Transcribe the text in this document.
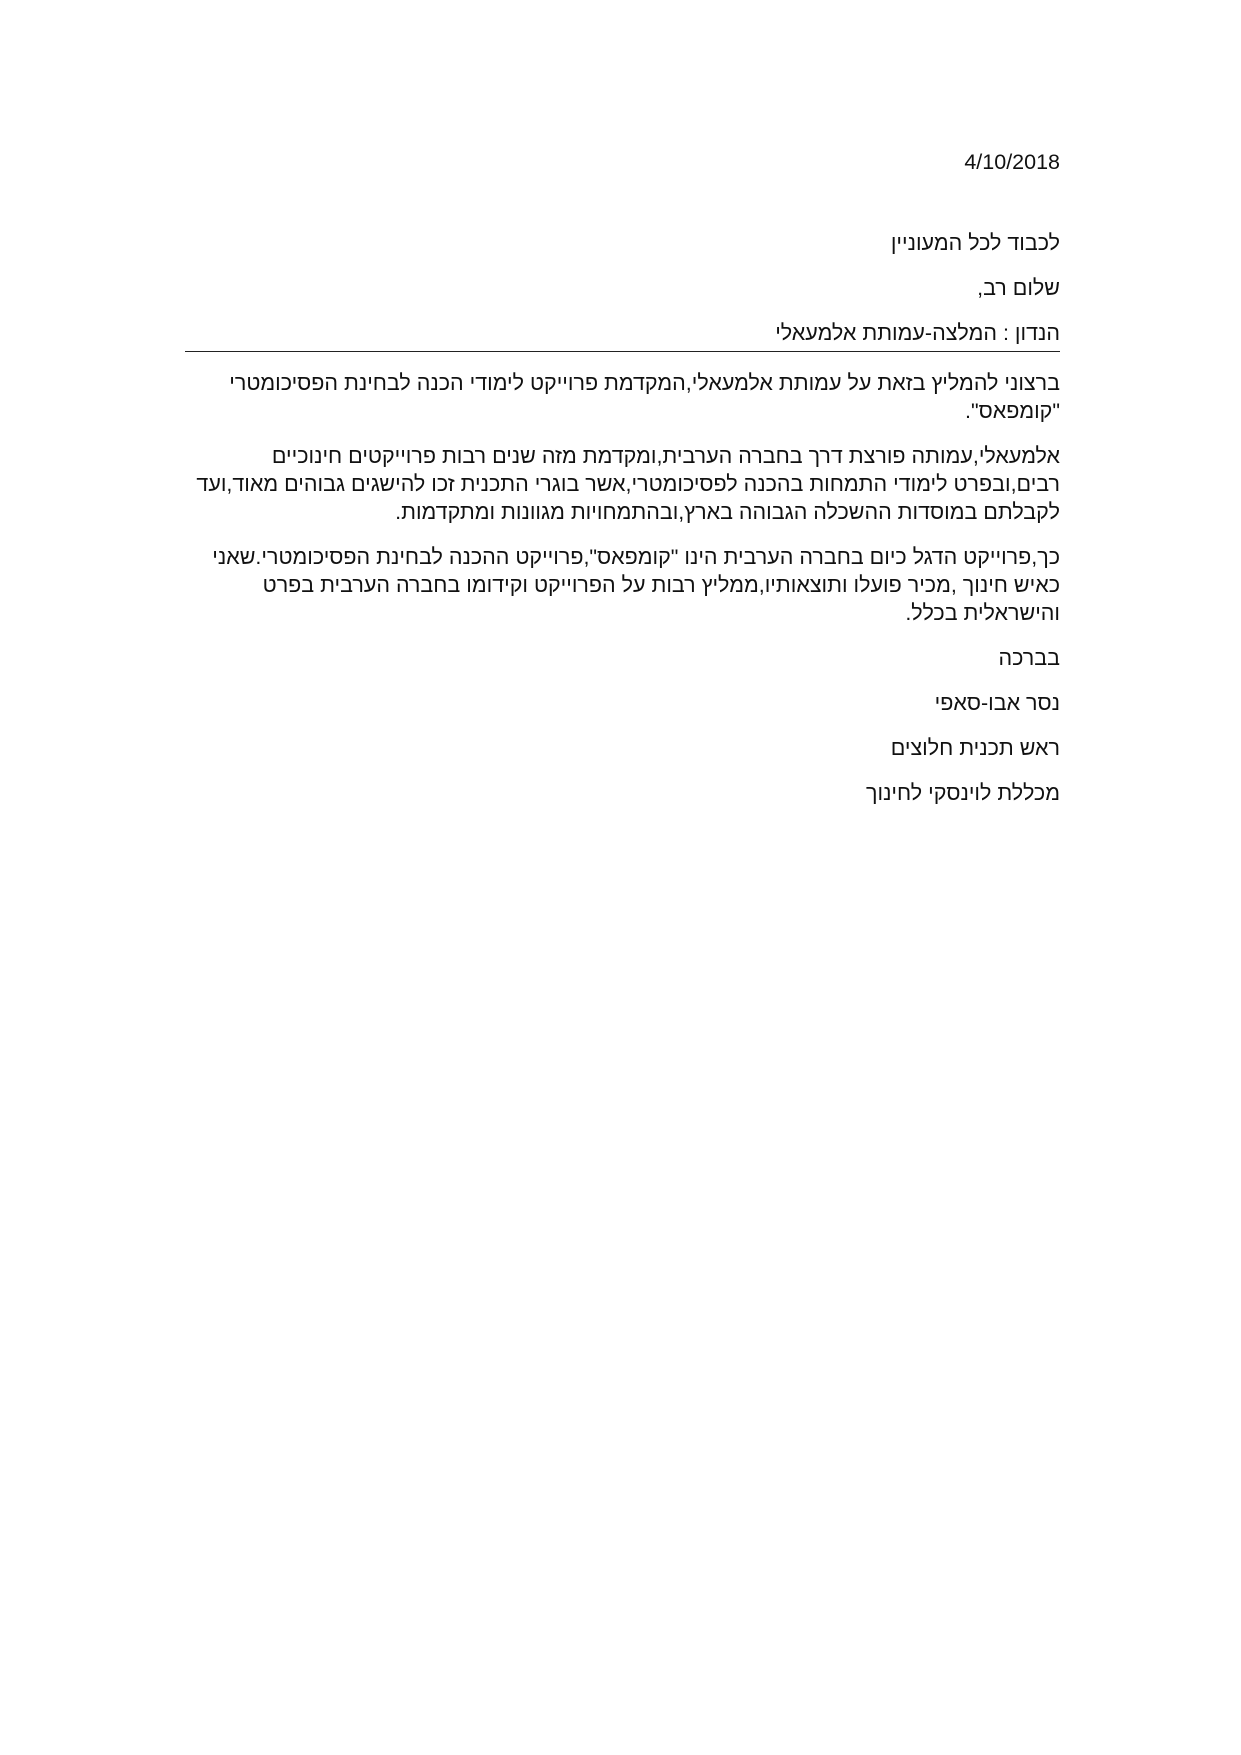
4/10/2018
לכבוד לכל המעוניין
שלום רב,
הנדון : המלצה-עמותת אלמעאלי
ברצוני להמליץ בזאת על עמותת אלמעאלי,המקדמת פרוייקט לימודי הכנה לבחינת הפסיכומטרי
"קומפאס".
אלמעאלי,עמותה פורצת דרך בחברה הערבית,ומקדמת מזה שנים רבות פרוייקטים חינוכיים
רבים,ובפרט לימודי התמחות בהכנה לפסיכומטרי,אשר בוגרי התכנית זכו להישגים גבוהים מאוד,ועד
לקבלתם במוסדות ההשכלה הגבוהה בארץ,ובהתמחויות מגוונות ומתקדמות.
כך,פרוייקט הדגל כיום בחברה הערבית הינו "קומפאס",פרוייקט ההכנה לבחינת הפסיכומטרי.שאני
כאיש חינוך ,מכיר פועלו ותוצאותיו,ממליץ רבות על הפרוייקט וקידומו בחברה הערבית בפרט
והישראלית בכלל.
בברכה
נסר אבו-סאפי
ראש תכנית חלוצים
מכללת לוינסקי לחינוך
